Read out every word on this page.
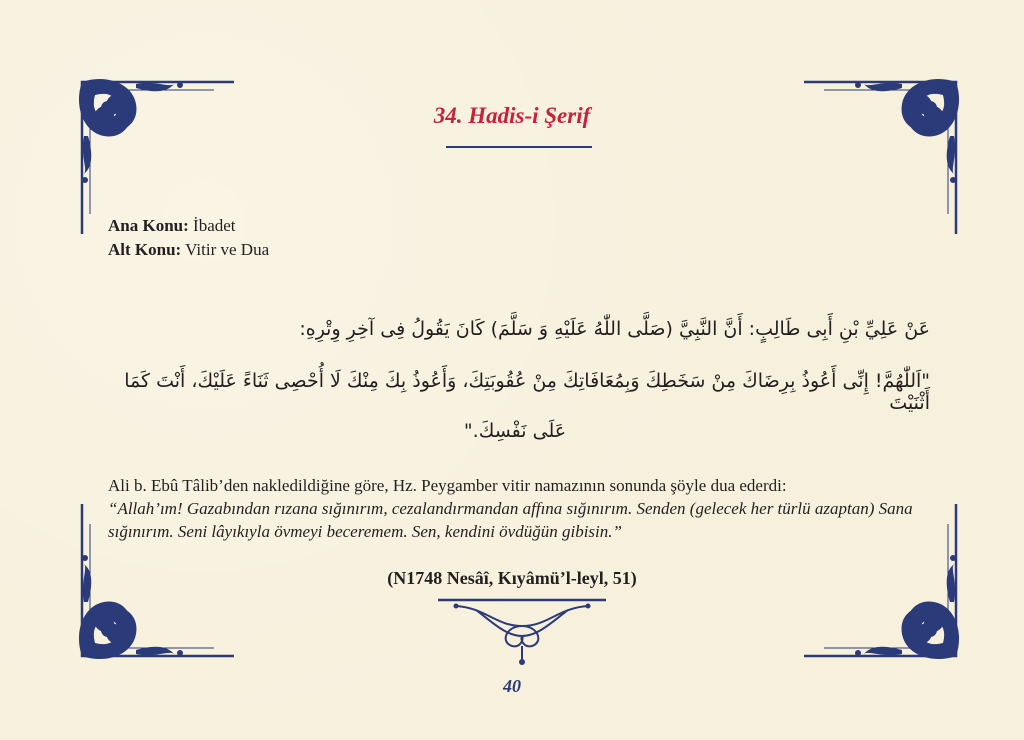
34. Hadis-i Şerif
Ana Konu: İbadet
Alt Konu: Vitir ve Dua
عَنْ عَلِيِّ بْنِ أَبِى طَالِبٍ: أَنَّ النَّبِيَّ (صَلَّى اللّٰهُ عَلَيْهِ وَ سَلَّمَ) كَانَ يَقُولُ فِى آخِرِ وِتْرِهِ:
"اَللّٰهُمَّ! إِنِّى أَعُوذُ بِرِضَاكَ مِنْ سَخَطِكَ وَبِمُعَافَاتِكَ مِنْ عُقُوبَتِكَ، وَأَعُوذُ بِكَ مِنْكَ لَا أُحْصِى ثَنَاءً عَلَيْكَ، أَنْتَ كَمَا أَثْنَيْتَ
عَلَى نَفْسِكَ."
Ali b. Ebû Tâlib’den nakledildiğine göre, Hz. Peygamber vitir namazının sonunda şöyle dua ederdi:
“Allah’ım! Gazabından rızana sığınırım, cezalandırmandan affına sığınırım. Senden (gelecek her türlü azaptan) Sana sığınırım. Seni lâyıkıyla övmeyi beceremem. Sen, kendini övdüğün gibisin.”
(N1748 Nesâî, Kıyâmü’l-leyl, 51)
40
